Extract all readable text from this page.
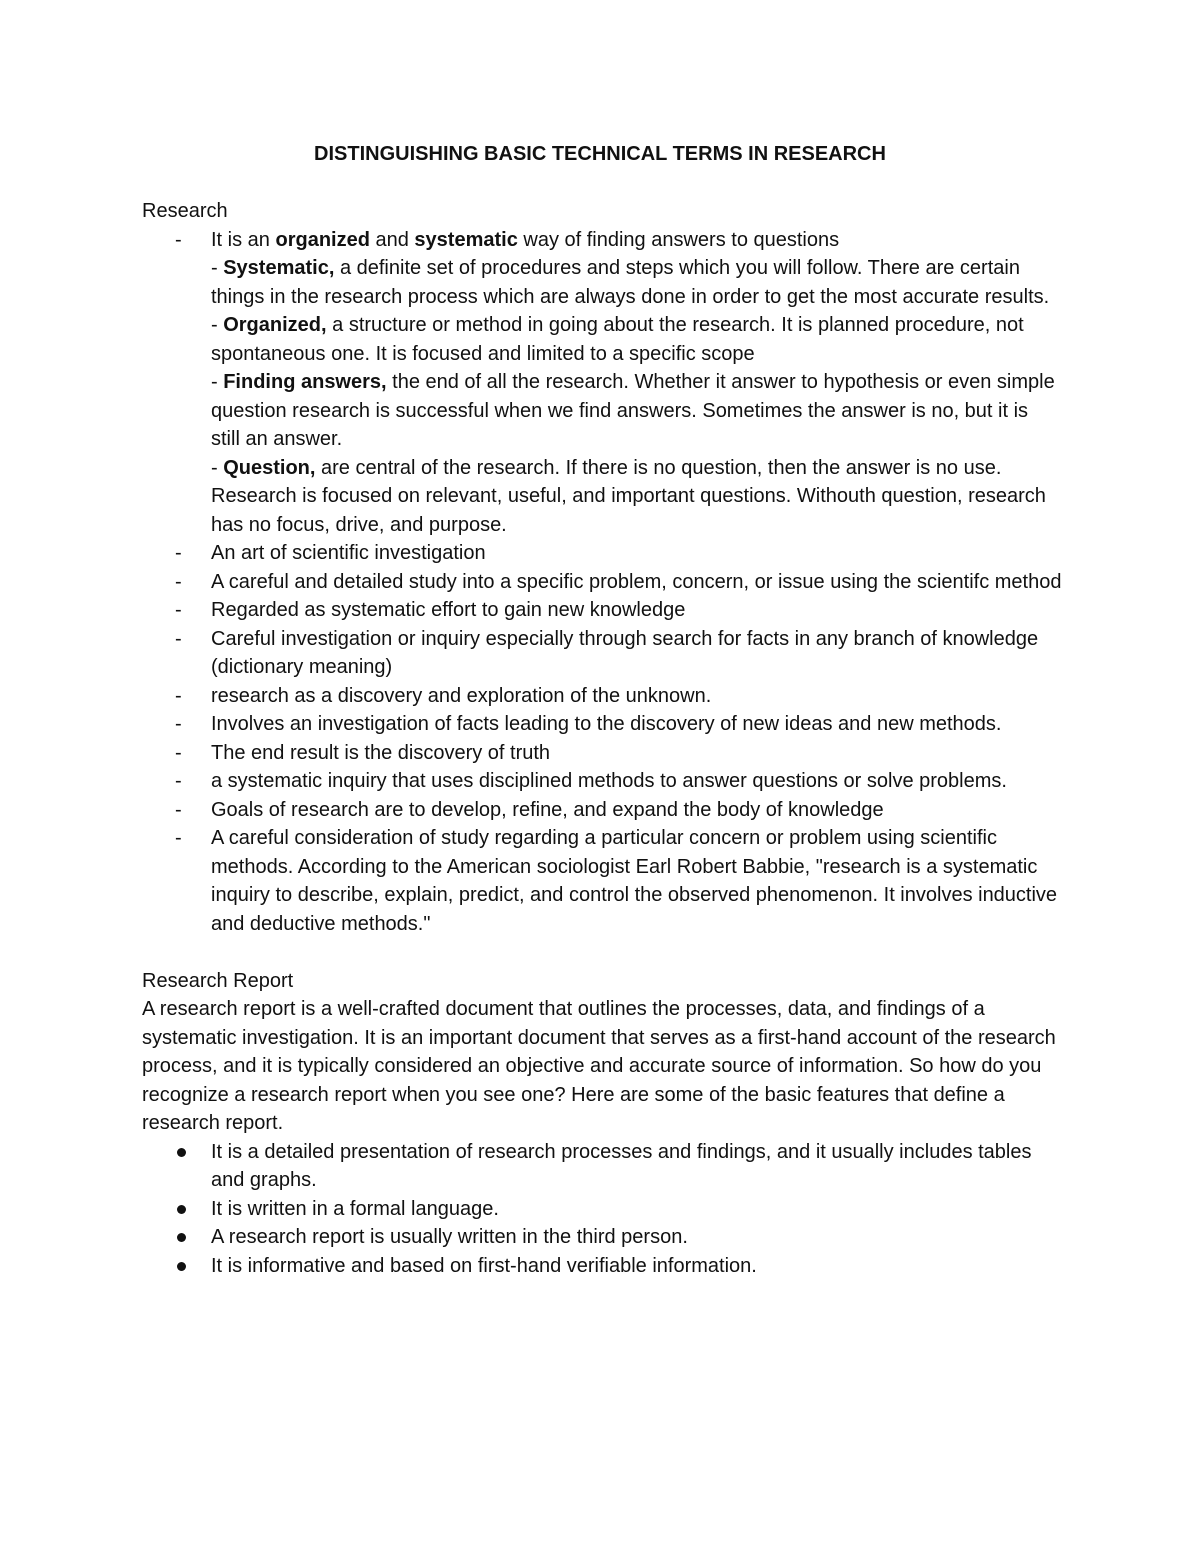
DISTINGUISHING BASIC TECHNICAL TERMS IN RESEARCH
Research
- It is an organized and systematic way of finding answers to questions
- Systematic, a definite set of procedures and steps which you will follow. There are certain things in the research process which are always done in order to get the most accurate results.
- Organized, a structure or method in going about the research. It is planned procedure, not spontaneous one. It is focused and limited to a specific scope
- Finding answers, the end of all the research. Whether it answer to hypothesis or even simple question research is successful when we find answers. Sometimes the answer is no, but it is still an answer.
- Question, are central of the research. If there is no question, then the answer is no use. Research is focused on relevant, useful, and important questions. Withouth question, research has no focus, drive, and purpose.
- An art of scientific investigation
- A careful and detailed study into a specific problem, concern, or issue using the scientifc method
- Regarded as systematic effort to gain new knowledge
- Careful investigation or inquiry especially through search for facts in any branch of knowledge (dictionary meaning)
- research as a discovery and exploration of the unknown.
- Involves an investigation of facts leading to the discovery of new ideas and new methods.
- The end result is the discovery of truth
- a systematic inquiry that uses disciplined methods to answer questions or solve problems.
- Goals of research are to develop, refine, and expand the body of knowledge
- A careful consideration of study regarding a particular concern or problem using scientific methods. According to the American sociologist Earl Robert Babbie, "research is a systematic inquiry to describe, explain, predict, and control the observed phenomenon. It involves inductive and deductive methods."
Research Report

A research report is a well-crafted document that outlines the processes, data, and findings of a systematic investigation. It is an important document that serves as a first-hand account of the research process, and it is typically considered an objective and accurate source of information. So how do you recognize a research report when you see one? Here are some of the basic features that define a research report.

It is a detailed presentation of research processes and findings, and it usually includes tables and graphs.
It is written in a formal language.
A research report is usually written in the third person.
It is informative and based on first-hand verifiable information.
